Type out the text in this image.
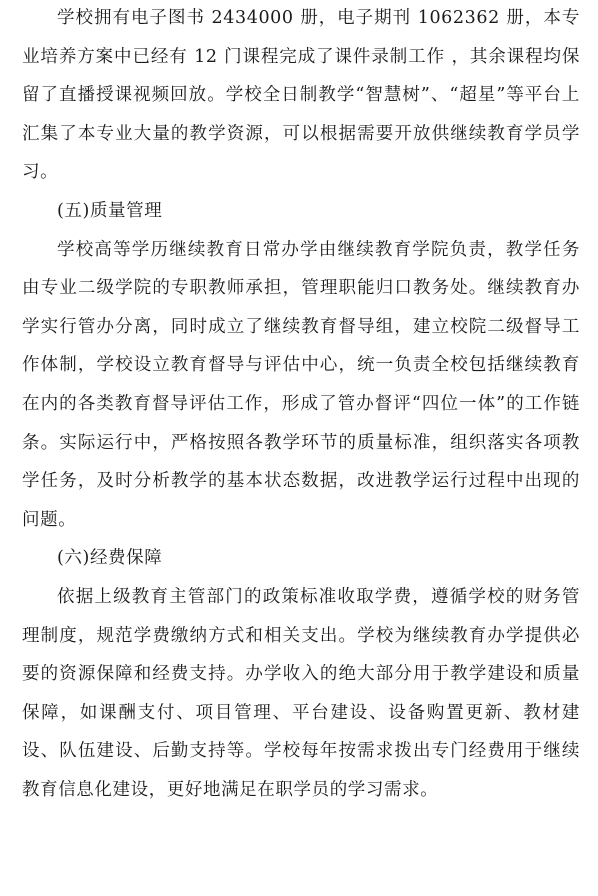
学校拥有电子图书 2434000 册，电子期刊 1062362 册，本专业培养方案中已经有 12 门课程完成了课件录制工作 ，其余课程均保留了直播授课视频回放。学校全日制教学“智慧树”、“超星”等平台上汇集了本专业大量的教学资源，可以根据需要开放供继续教育学员学习。

(五)质量管理

学校高等学历继续教育日常办学由继续教育学院负责，教学任务由专业二级学院的专职教师承担，管理职能归口教务处。继续教育办学实行管办分离，同时成立了继续教育督导组，建立校院二级督导工作体制，学校设立教育督导与评估中心，统一负责全校包括继续教育在内的各类教育督导评估工作，形成了管办督评“四位一体”的工作链条。实际运行中，严格按照各教学环节的质量标准，组织落实各项教学任务，及时分析教学的基本状态数据，改进教学运行过程中出现的问题。

(六)经费保障

依据上级教育主管部门的政策标准收取学费，遵循学校的财务管理制度，规范学费缴纳方式和相关支出。学校为继续教育办学提供必要的资源保障和经费支持。办学收入的绝大部分用于教学建设和质量保障，如课酬支付、项目管理、平台建设、设备购置更新、教材建设、队伍建设、后勤支持等。学校每年按需求拨出专门经费用于继续教育信息化建设，更好地满足在职学员的学习需求。
